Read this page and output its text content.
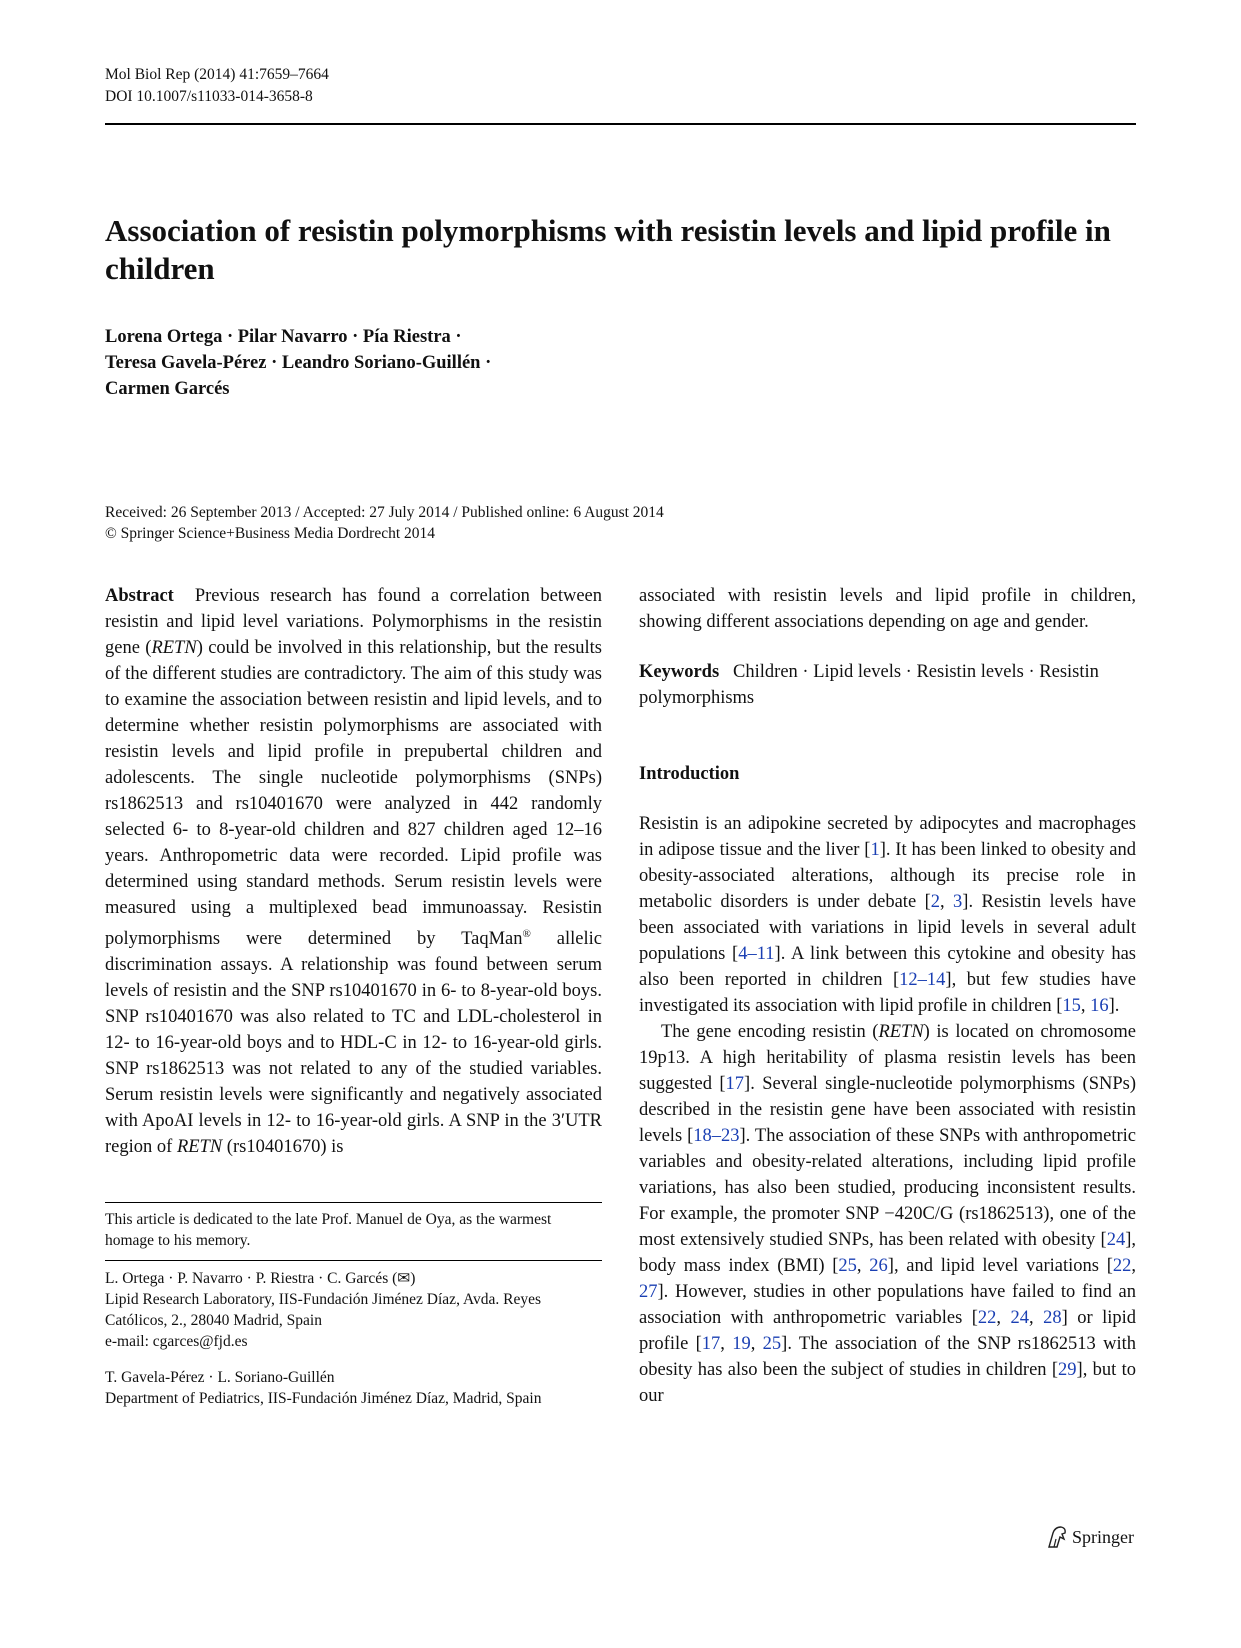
Mol Biol Rep (2014) 41:7659–7664
DOI 10.1007/s11033-014-3658-8
Association of resistin polymorphisms with resistin levels and lipid profile in children
Lorena Ortega · Pilar Navarro · Pía Riestra ·
Teresa Gavela-Pérez · Leandro Soriano-Guillén ·
Carmen Garcés
Received: 26 September 2013 / Accepted: 27 July 2014 / Published online: 6 August 2014
© Springer Science+Business Media Dordrecht 2014

Abstract Previous research has found a correlation between resistin and lipid level variations. Polymorphisms in the resistin gene (RETN) could be involved in this relationship, but the results of the different studies are contradictory. The aim of this study was to examine the association between resistin and lipid levels, and to determine whether resistin polymorphisms are associated with resistin levels and lipid profile in prepubertal children and adolescents. The single nucleotide polymorphisms (SNPs) rs1862513 and rs10401670 were analyzed in 442 randomly selected 6- to 8-year-old children and 827 children aged 12–16 years. Anthropometric data were recorded. Lipid profile was determined using standard methods. Serum resistin levels were measured using a multiplexed bead immunoassay. Resistin polymorphisms were determined by TaqMan® allelic discrimination assays. A relationship was found between serum levels of resistin and the SNP rs10401670 in 6- to 8-year-old boys. SNP rs10401670 was also related to TC and LDL-cholesterol in 12- to 16-year-old boys and to HDL-C in 12- to 16-year-old girls. SNP rs1862513 was not related to any of the studied variables. Serum resistin levels were significantly and negatively associated with ApoAI levels in 12- to 16-year-old girls. A SNP in the 3′UTR region of RETN (rs10401670) is

This article is dedicated to the late Prof. Manuel de Oya, as the warmest homage to his memory.
L. Ortega · P. Navarro · P. Riestra · C. Garcés (✉)
Lipid Research Laboratory, IIS-Fundación Jiménez Díaz, Avda. Reyes Católicos, 2., 28040 Madrid, Spain
e-mail: cgarces@fjd.es
T. Gavela-Pérez · L. Soriano-Guillén
Department of Pediatrics, IIS-Fundación Jiménez Díaz, Madrid, Spain

associated with resistin levels and lipid profile in children, showing different associations depending on age and gender.

Keywords Children · Lipid levels · Resistin levels · Resistin polymorphisms

Introduction

Resistin is an adipokine secreted by adipocytes and macrophages in adipose tissue and the liver [1]. It has been linked to obesity and obesity-associated alterations, although its precise role in metabolic disorders is under debate [2, 3]. Resistin levels have been associated with variations in lipid levels in several adult populations [4–11]. A link between this cytokine and obesity has also been reported in children [12–14], but few studies have investigated its association with lipid profile in children [15, 16].

The gene encoding resistin (RETN) is located on chromosome 19p13. A high heritability of plasma resistin levels has been suggested [17]. Several single-nucleotide polymorphisms (SNPs) described in the resistin gene have been associated with resistin levels [18–23]. The association of these SNPs with anthropometric variables and obesity-related alterations, including lipid profile variations, has also been studied, producing inconsistent results. For example, the promoter SNP −420C/G (rs1862513), one of the most extensively studied SNPs, has been related with obesity [24], body mass index (BMI) [25, 26], and lipid level variations [22, 27]. However, studies in other populations have failed to find an association with anthropometric variables [22, 24, 28] or lipid profile [17, 19, 25]. The association of the SNP rs1862513 with obesity has also been the subject of studies in children [29], but to our

Springer
